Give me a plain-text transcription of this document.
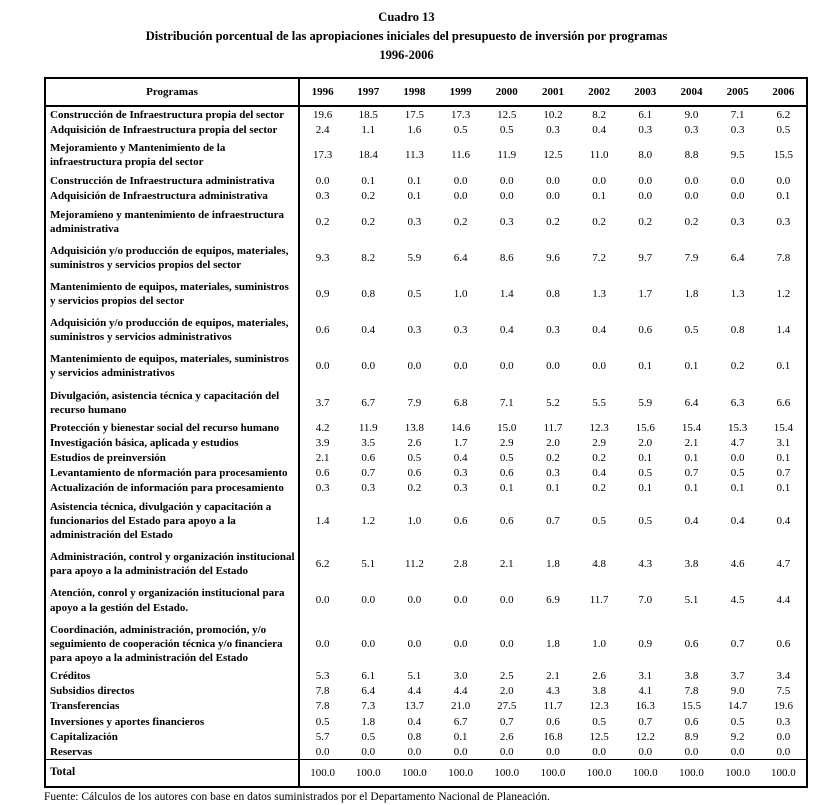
Cuadro 13
Distribución porcentual de las apropiaciones iniciales del presupuesto de inversión por programas
1996-2006
Programas	1996	1997	1998	1999	2000	2001	2002	2003	2004	2005	2006
Construcción de Infraestructura propia del sector	19.6	18.5	17.5	17.3	12.5	10.2	8.2	6.1	9.0	7.1	6.2
Adquisición de Infraestructura propia del sector	2.4	1.1	1.6	0.5	0.5	0.3	0.4	0.3	0.3	0.3	0.5
Mejoramiento y Mantenimiento de la infraestructura propia del sector	17.3	18.4	11.3	11.6	11.9	12.5	11.0	8.0	8.8	9.5	15.5
Construcción de Infraestructura administrativa	0.0	0.1	0.1	0.0	0.0	0.0	0.0	0.0	0.0	0.0	0.0
Adquisición de Infraestructura administrativa	0.3	0.2	0.1	0.0	0.0	0.0	0.1	0.0	0.0	0.0	0.1
Mejoramieno y mantenimiento de infraestructura administrativa	0.2	0.2	0.3	0.2	0.3	0.2	0.2	0.2	0.2	0.3	0.3
Adquisición y/o producción de equipos, materiales, suministros y servicios propios del sector	9.3	8.2	5.9	6.4	8.6	9.6	7.2	9.7	7.9	6.4	7.8
Mantenimiento de equipos, materiales, suministros y servicios propios del sector	0.9	0.8	0.5	1.0	1.4	0.8	1.3	1.7	1.8	1.3	1.2
Adquisición y/o producción de equipos, materiales, suministros y servicios administrativos	0.6	0.4	0.3	0.3	0.4	0.3	0.4	0.6	0.5	0.8	1.4
Mantenimiento de equipos, materiales, suministros y servicios administrativos	0.0	0.0	0.0	0.0	0.0	0.0	0.0	0.1	0.1	0.2	0.1
Divulgación, asistencia técnica y capacitación del recurso humano	3.7	6.7	7.9	6.8	7.1	5.2	5.5	5.9	6.4	6.3	6.6
Protección y bienestar social del recurso humano	4.2	11.9	13.8	14.6	15.0	11.7	12.3	15.6	15.4	15.3	15.4
Investigación básica, aplicada y estudios	3.9	3.5	2.6	1.7	2.9	2.0	2.9	2.0	2.1	4.7	3.1
Estudios de preinversión	2.1	0.6	0.5	0.4	0.5	0.2	0.2	0.1	0.1	0.0	0.1
Levantamiento de nformación para procesamiento	0.6	0.7	0.6	0.3	0.6	0.3	0.4	0.5	0.7	0.5	0.7
Actualización de información para procesamiento	0.3	0.3	0.2	0.3	0.1	0.1	0.2	0.1	0.1	0.1	0.1
Asistencia técnica, divulgación y capacitación a funcionarios del Estado para apoyo a la administración del Estado	1.4	1.2	1.0	0.6	0.6	0.7	0.5	0.5	0.4	0.4	0.4
Administración, control y organización institucional para apoyo a la administración del Estado	6.2	5.1	11.2	2.8	2.1	1.8	4.8	4.3	3.8	4.6	4.7
Atención, conrol y organización institucional para apoyo a la gestión del Estado.	0.0	0.0	0.0	0.0	0.0	6.9	11.7	7.0	5.1	4.5	4.4
Coordinación, administración, promoción, y/o seguimiento de cooperación técnica y/o financiera para apoyo a la administración del Estado	0.0	0.0	0.0	0.0	0.0	1.8	1.0	0.9	0.6	0.7	0.6
Créditos	5.3	6.1	5.1	3.0	2.5	2.1	2.6	3.1	3.8	3.7	3.4
Subsidios directos	7.8	6.4	4.4	4.4	2.0	4.3	3.8	4.1	7.8	9.0	7.5
Transferencias	7.8	7.3	13.7	21.0	27.5	11.7	12.3	16.3	15.5	14.7	19.6
Inversiones y aportes financieros	0.5	1.8	0.4	6.7	0.7	0.6	0.5	0.7	0.6	0.5	0.3
Capitalización	5.7	0.5	0.8	0.1	2.6	16.8	12.5	12.2	8.9	9.2	0.0
Reservas	0.0	0.0	0.0	0.0	0.0	0.0	0.0	0.0	0.0	0.0	0.0
Total	100.0	100.0	100.0	100.0	100.0	100.0	100.0	100.0	100.0	100.0	100.0
Fuente: Cálculos de los autores con base en datos suministrados por el Departamento Nacional de Planeación.
